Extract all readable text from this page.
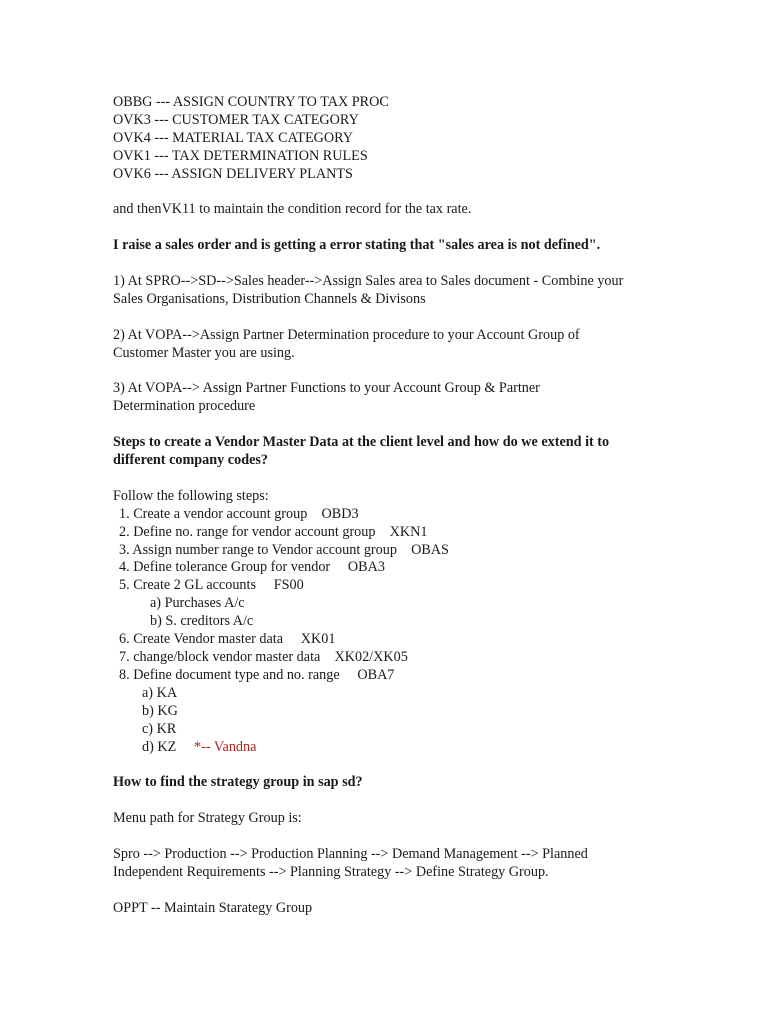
OBBG --- ASSIGN COUNTRY TO TAX PROC

OVK3 --- CUSTOMER TAX CATEGORY

OVK4 --- MATERIAL TAX CATEGORY

OVK1 --- TAX DETERMINATION RULES

OVK6 --- ASSIGN DELIVERY PLANTS

and thenVK11 to maintain the condition record for the tax rate.

I raise a sales order and is getting a error stating that "sales area is not defined".

1) At SPRO-->SD-->Sales header-->Assign Sales area to Sales document - Combine your

Sales Organisations, Distribution Channels & Divisons

2) At VOPA-->Assign Partner Determination procedure to your Account Group of

Customer Master you are using.

3) At VOPA--> Assign Partner Functions to your Account Group & Partner

Determination procedure

Steps to create a Vendor Master Data at the client level and how do we extend it to

different company codes?

Follow the following steps:

1. Create a vendor account group    OBD3

2. Define no. range for vendor account group    XKN1

3. Assign number range to Vendor account group    OBAS

4. Define tolerance Group for vendor     OBA3

5. Create 2 GL accounts     FS00

a) Purchases A/c

b) S. creditors A/c

6. Create Vendor master data     XK01

7. change/block vendor master data    XK02/XK05

8. Define document type and no. range     OBA7

a) KA

b) KG

c) KR

d) KZ *-- Vandna

How to find the strategy group in sap sd?

Menu path for Strategy Group is:

Spro --> Production --> Production Planning --> Demand Management --> Planned

Independent Requirements --> Planning Strategy --> Define Strategy Group.

OPPT -- Maintain Starategy Group
